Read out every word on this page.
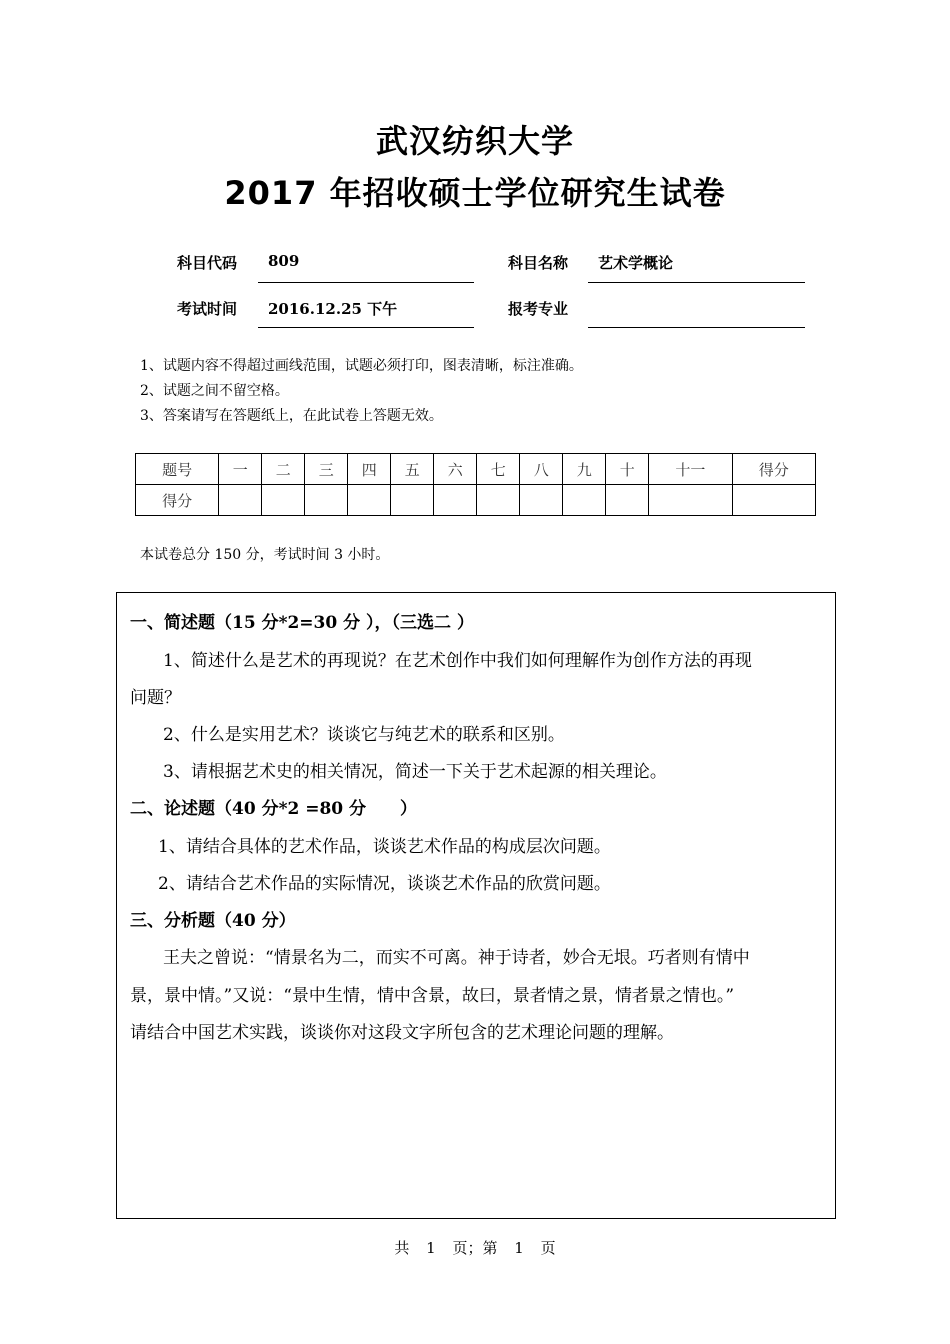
武汉纺织大学
2017 年招收硕士学位研究生试卷
科目代码 809	科目名称 艺术学概论
考试时间 2016.12.25 下午	报考专业
1、试题内容不得超过画线范围，试题必须打印，图表清晰，标注准确。
2、试题之间不留空格。
3、答案请写在答题纸上，在此试卷上答题无效。
题号	一	二	三	四	五	六	七	八	九	十	十一	得分
得分												
本试卷总分 150 分，考试时间 3 小时。
一、简述题（15 分*2=30 分 ），（三选二 ）
1、简述什么是艺术的再现说？在艺术创作中我们如何理解作为创作方法的再现
问题？
2、什么是实用艺术？谈谈它与纯艺术的联系和区别。
3、请根据艺术史的相关情况，简述一下关于艺术起源的相关理论。
二、论述题（40 分*2 =80 分　　）
1、请结合具体的艺术作品，谈谈艺术作品的构成层次问题。
2、请结合艺术作品的实际情况，谈谈艺术作品的欣赏问题。
三、分析题（40 分）
王夫之曾说：“情景名为二，而实不可离。神于诗者，妙合无垠。巧者则有情中
景，景中情。”又说：“景中生情，情中含景，故曰，景者情之景，情者景之情也。”
请结合中国艺术实践，谈谈你对这段文字所包含的艺术理论问题的理解。
共 1 页；第 1 页
